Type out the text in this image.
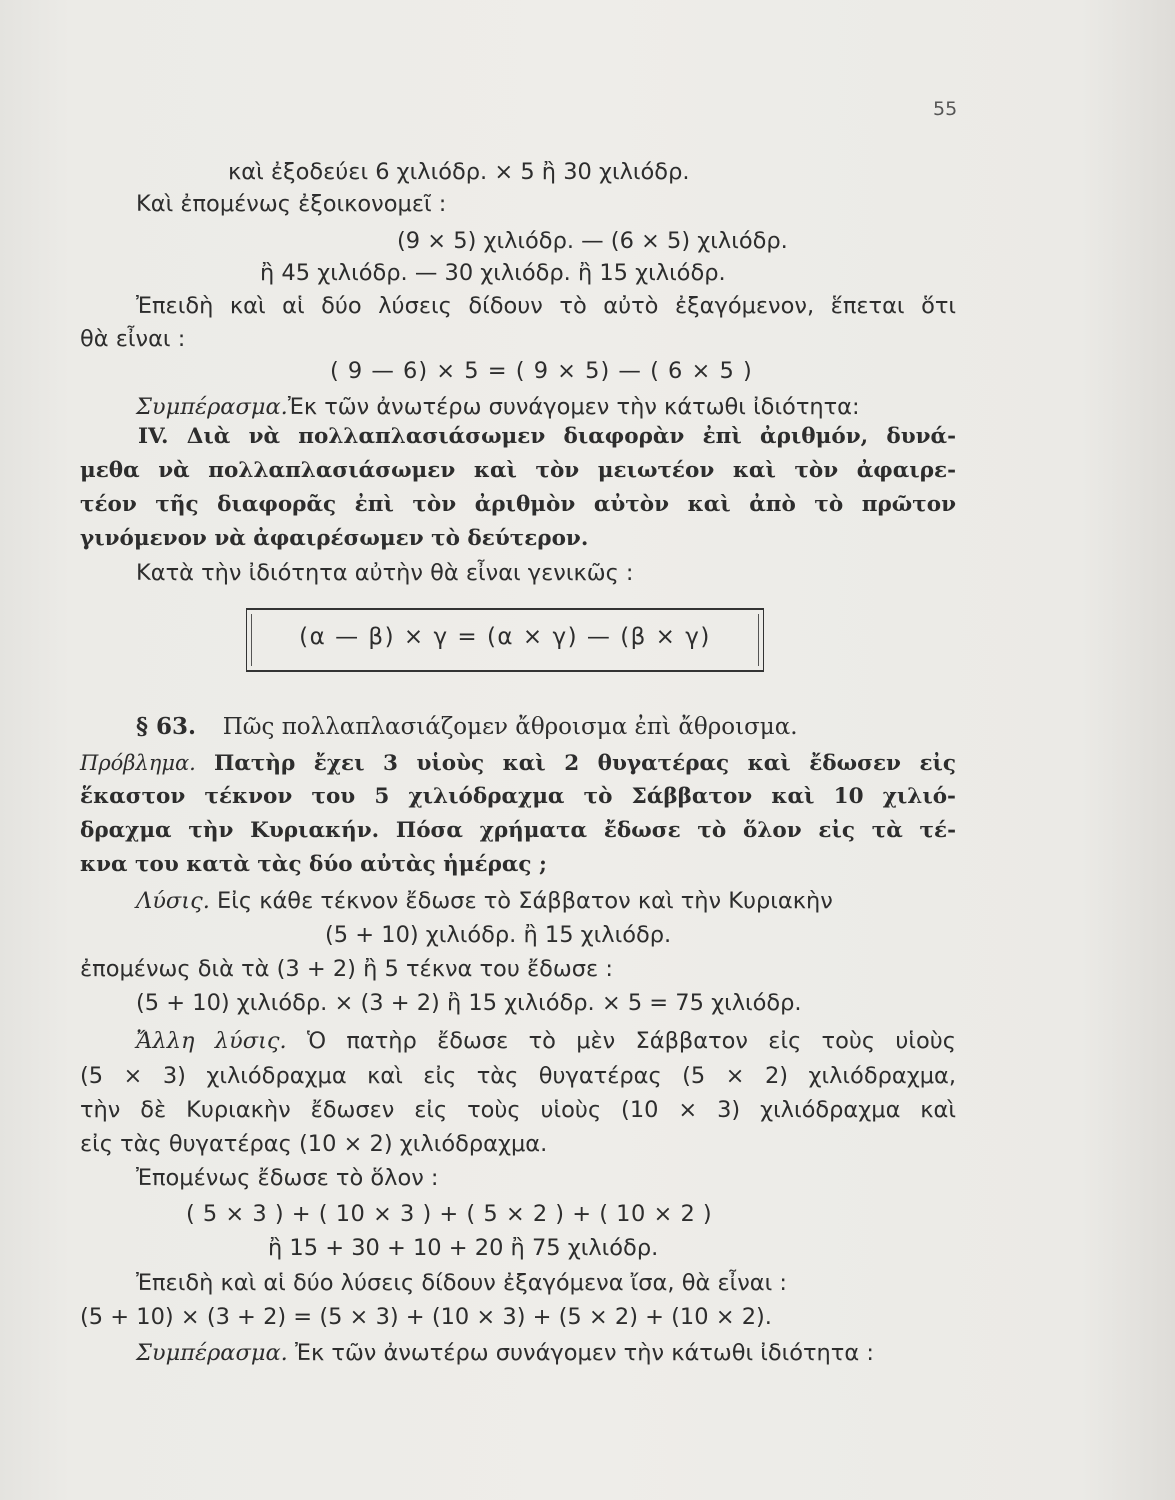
55
καὶ ἐξοδεύει 6 χιλιόδρ. × 5 ἢ 30 χιλιόδρ.
Καὶ ἐπομένως ἐξοικονομεῖ :
(9 × 5) χιλιόδρ. — (6 × 5) χιλιόδρ.
ἢ 45 χιλιόδρ. — 30 χιλιόδρ. ἢ 15 χιλιόδρ.
Ἐπειδὴ καὶ αἱ δύο λύσεις δίδουν τὸ αὐτὸ ἐξαγόμενον, ἕπεται ὅτι
θὰ εἶναι :
( 9 — 6) × 5 = ( 9 × 5) — ( 6 × 5 )
Συμπέρασμα.Ἐκ τῶν ἀνωτέρω συνάγομεν τὴν κάτωθι ἰδιότητα:
IV. Διὰ νὰ πολλαπλασιάσωμεν διαφορὰν ἐπὶ ἀριθμόν, δυνά-
μεθα νὰ πολλαπλασιάσωμεν καὶ τὸν μειωτέον καὶ τὸν ἀφαιρε-
τέον τῆς διαφορᾶς ἐπὶ τὸν ἀριθμὸν αὐτὸν καὶ ἀπὸ τὸ πρῶτον
γινόμενον νὰ ἀφαιρέσωμεν τὸ δεύτερον.
Κατὰ τὴν ἰδιότητα αὐτὴν θὰ εἶναι γενικῶς :
(α — β) × γ = (α × γ) — (β × γ)
§ 63. Πῶς πολλαπλασιάζομεν ἄθροισμα ἐπὶ ἄθροισμα.
Πρόβλημα. Πατὴρ ἔχει 3 υἱοὺς καὶ 2 θυγατέρας καὶ ἔδωσεν εἰς
ἕκαστον τέκνον του 5 χιλιόδραχμα τὸ Σάββατον καὶ 10 χιλιό-
δραχμα τὴν Κυριακήν. Πόσα χρήματα ἔδωσε τὸ ὅλον εἰς τὰ τέ-
κνα του κατὰ τὰς δύο αὐτὰς ἡμέρας ;
Λύσις. Εἰς κάθε τέκνον ἔδωσε τὸ Σάββατον καὶ τὴν Κυριακὴν
(5 + 10) χιλιόδρ. ἢ 15 χιλιόδρ.
ἐπομένως διὰ τὰ (3 + 2) ἢ 5 τέκνα του ἔδωσε :
(5 + 10) χιλιόδρ. × (3 + 2) ἢ 15 χιλιόδρ. × 5 = 75 χιλιόδρ.
Ἄλλη λύσις. Ὁ πατὴρ ἔδωσε τὸ μὲν Σάββατον εἰς τοὺς υἱοὺς
(5 × 3) χιλιόδραχμα καὶ εἰς τὰς θυγατέρας (5 × 2) χιλιόδραχμα,
τὴν δὲ Κυριακὴν ἔδωσεν εἰς τοὺς υἱοὺς (10 × 3) χιλιόδραχμα καὶ
εἰς τὰς θυγατέρας (10 × 2) χιλιόδραχμα.
Ἐπομένως ἔδωσε τὸ ὅλον :
( 5 × 3 ) + ( 10 × 3 ) + ( 5 × 2 ) + ( 10 × 2 )
ἢ 15 + 30 + 10 + 20 ἢ 75 χιλιόδρ.
Ἐπειδὴ καὶ αἱ δύο λύσεις δίδουν ἐξαγόμενα ἴσα, θὰ εἶναι :
(5 + 10) × (3 + 2) = (5 × 3) + (10 × 3) + (5 × 2) + (10 × 2).
Συμπέρασμα. Ἐκ τῶν ἀνωτέρω συνάγομεν τὴν κάτωθι ἰδιότητα :
